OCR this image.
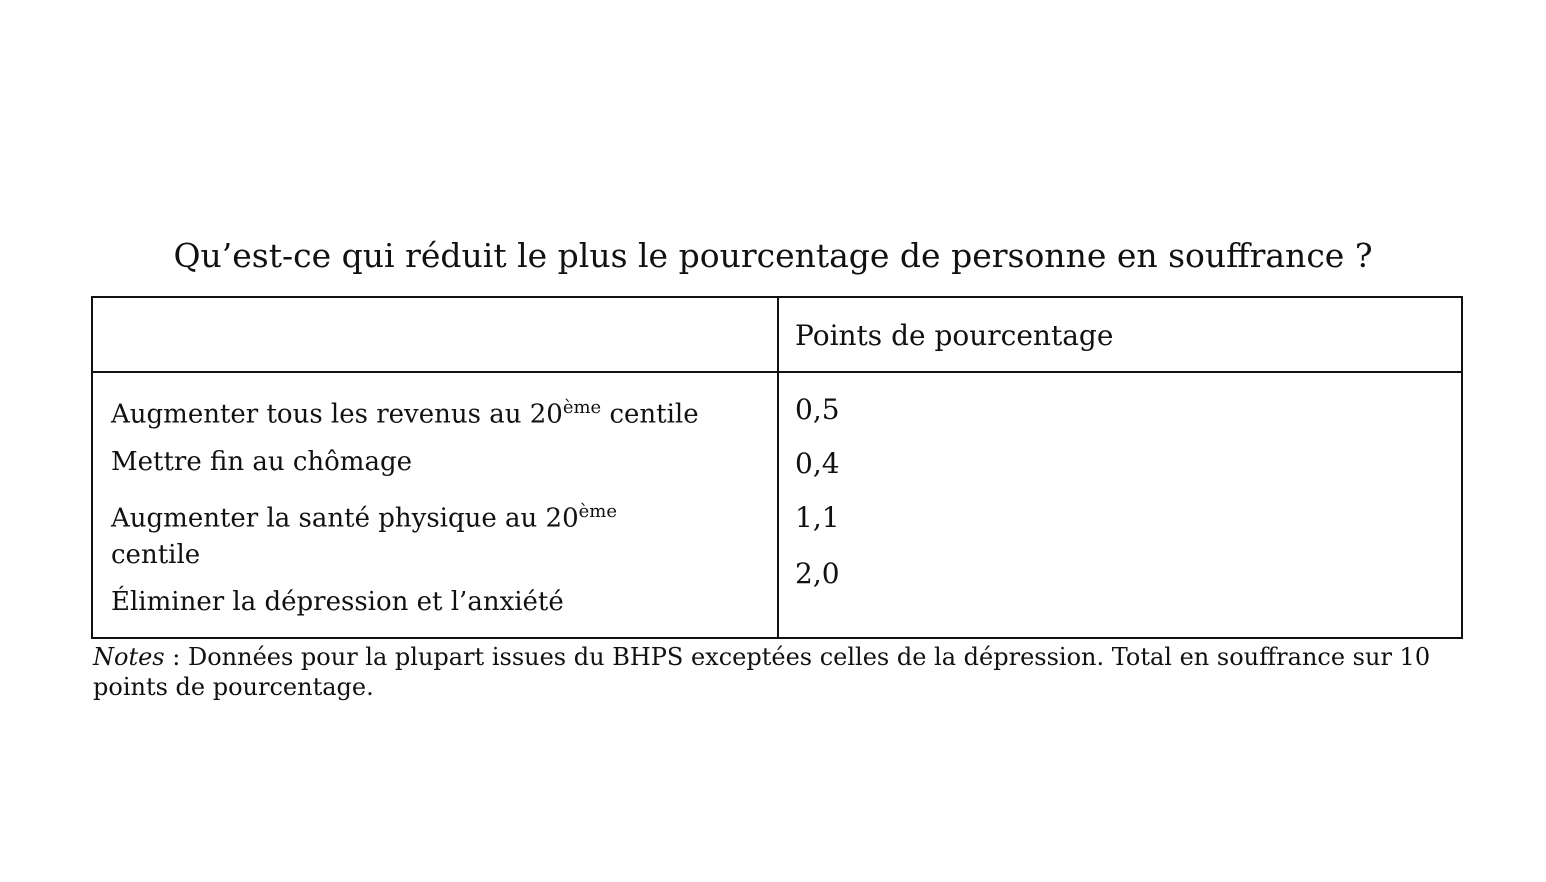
Qu’est-ce qui réduit le plus le pourcentage de personne en souffrance ?
Points de pourcentage
Augmenter tous les revenus au 20ème centile	0,5
Mettre fin au chômage	0,4
Augmenter la santé physique au 20ème centile
1,1
Éliminer la dépression et l’anxiété
2,0
Notes : Données pour la plupart issues du BHPS exceptées celles de la dépression. Total en souffrance sur 10 points de pourcentage.
